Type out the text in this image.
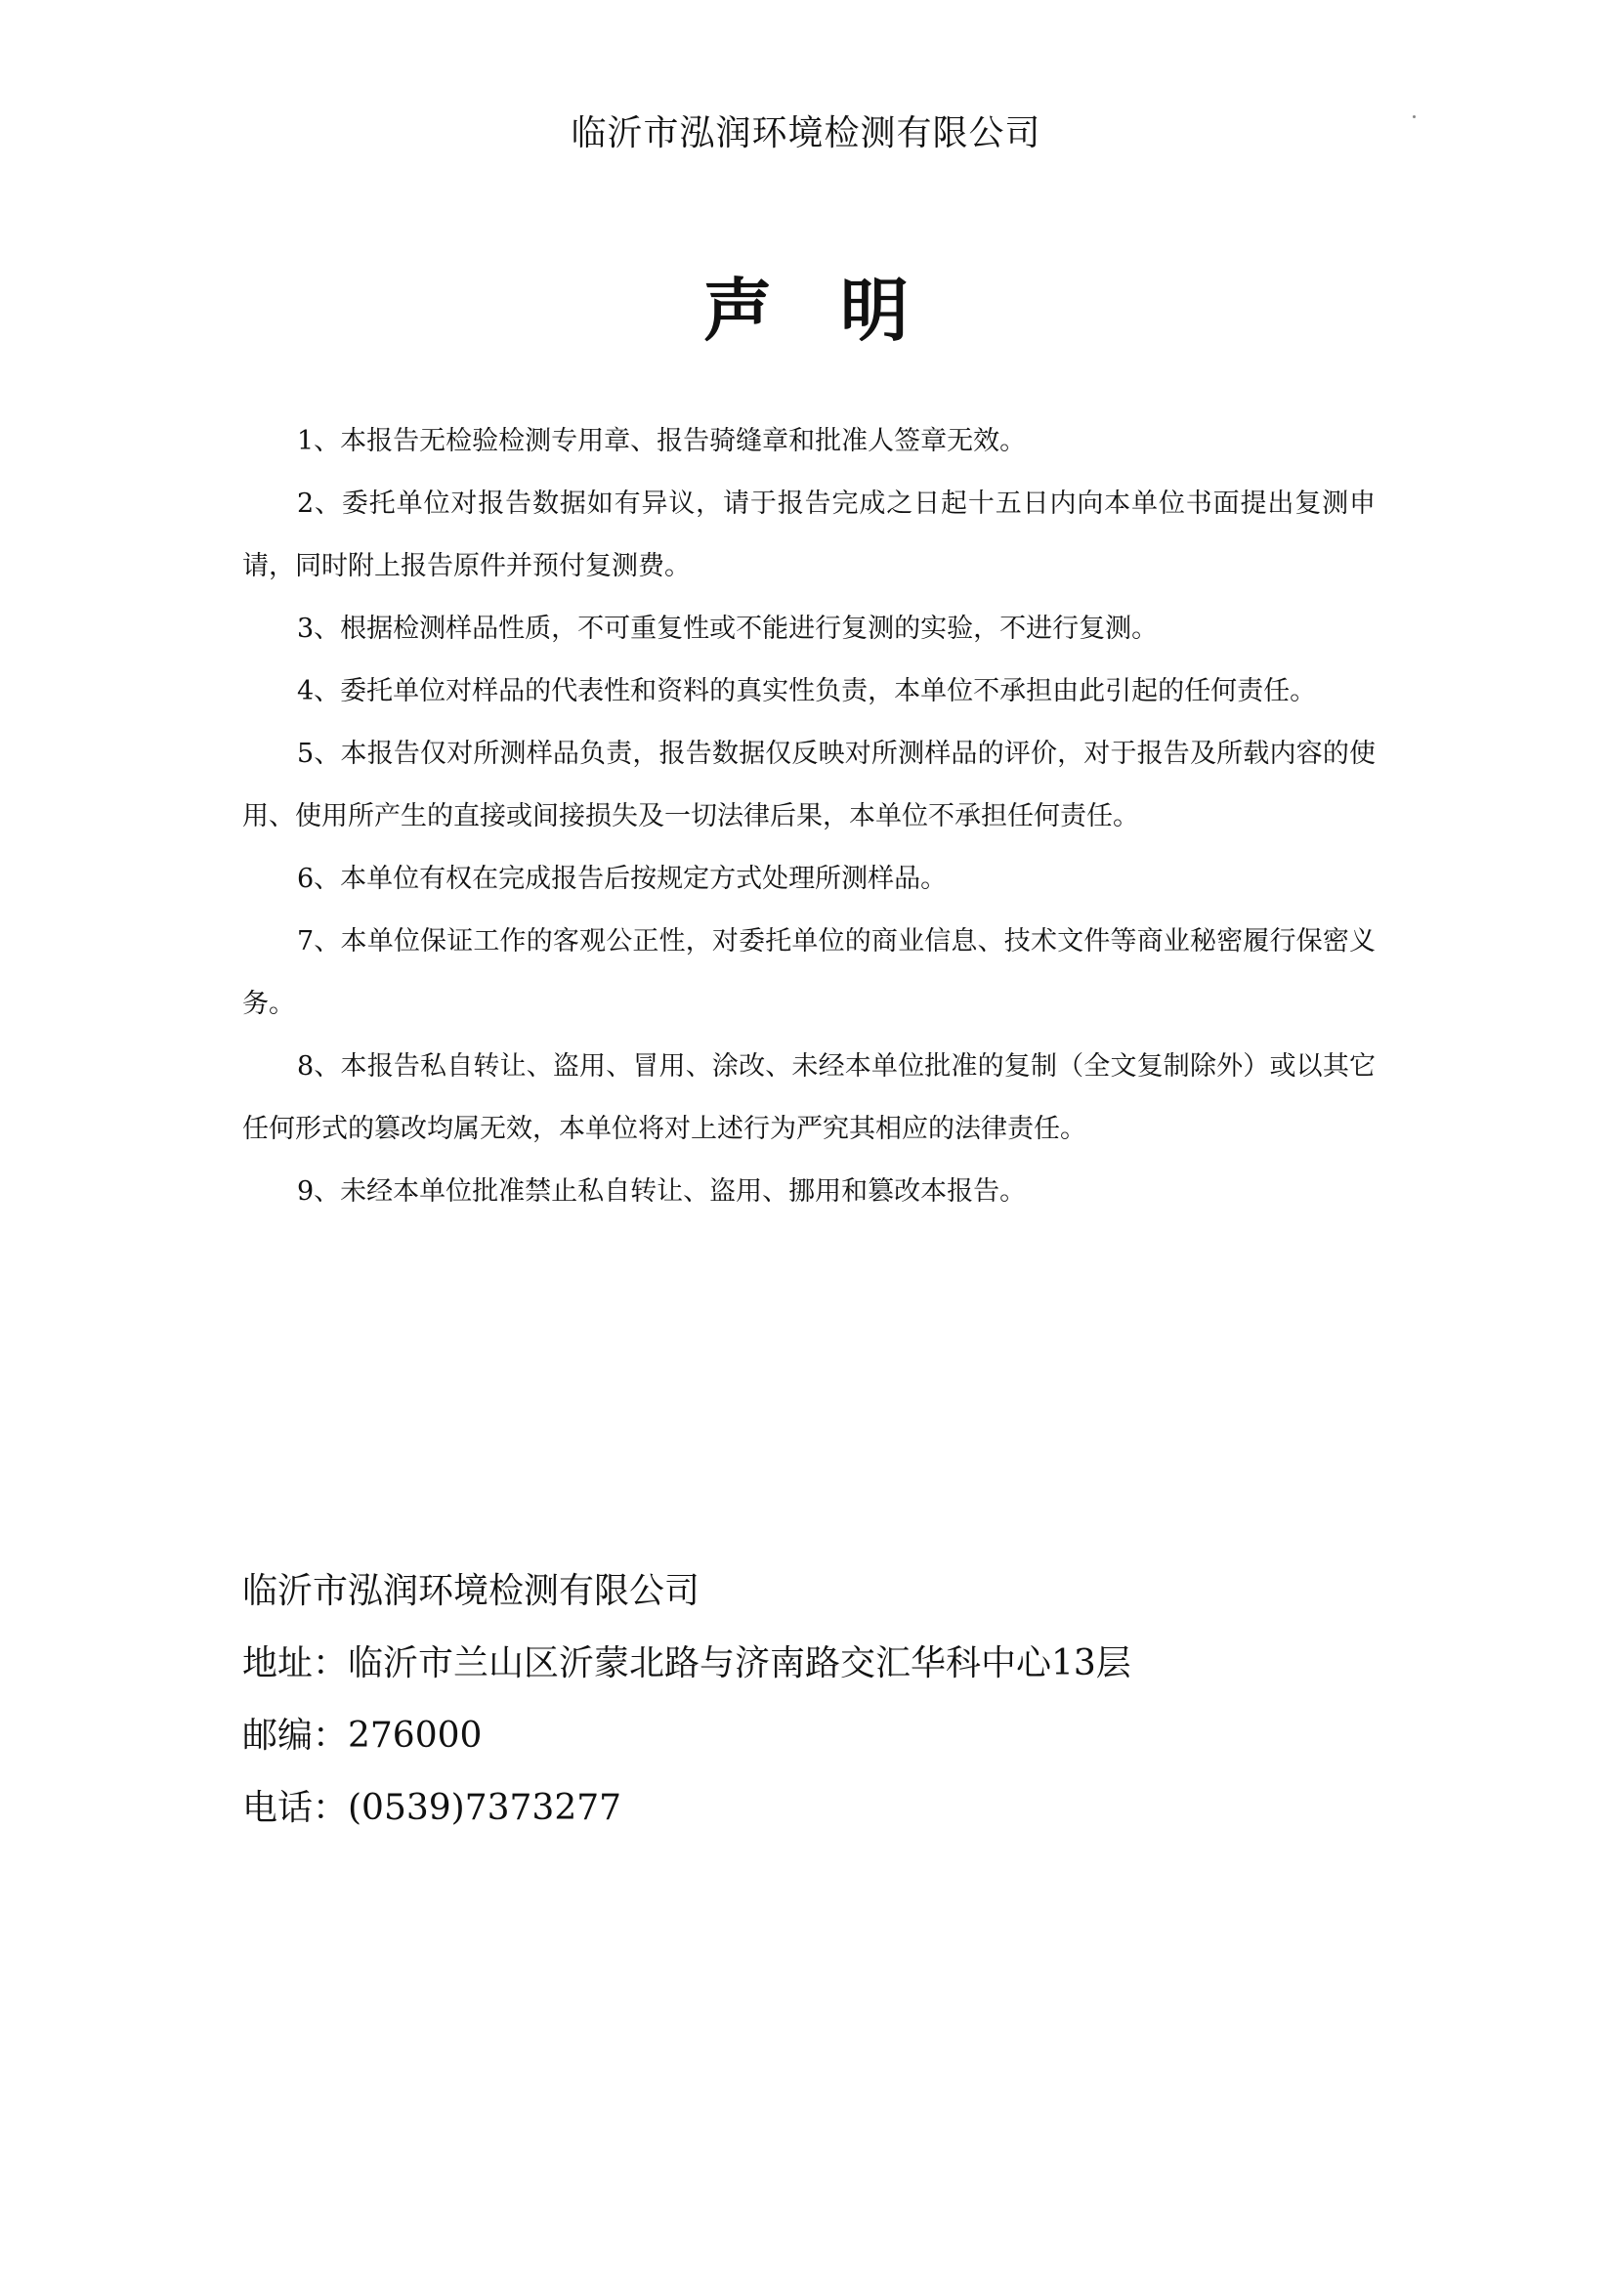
临沂市泓润环境检测有限公司
声明

1、本报告无检验检测专用章、报告骑缝章和批准人签章无效。

2、委托单位对报告数据如有异议，请于报告完成之日起十五日内向本单位书面提出复测申请，同时附上报告原件并预付复测费。

3、根据检测样品性质，不可重复性或不能进行复测的实验，不进行复测。

4、委托单位对样品的代表性和资料的真实性负责，本单位不承担由此引起的任何责任。

5、本报告仅对所测样品负责，报告数据仅反映对所测样品的评价，对于报告及所载内容的使用、使用所产生的直接或间接损失及一切法律后果，本单位不承担任何责任。

6、本单位有权在完成报告后按规定方式处理所测样品。

7、本单位保证工作的客观公正性，对委托单位的商业信息、技术文件等商业秘密履行保密义务。

8、本报告私自转让、盗用、冒用、涂改、未经本单位批准的复制（全文复制除外）或以其它任何形式的篡改均属无效，本单位将对上述行为严究其相应的法律责任。

9、未经本单位批准禁止私自转让、盗用、挪用和篡改本报告。

临沂市泓润环境检测有限公司
地址：临沂市兰山区沂蒙北路与济南路交汇华科中心13层
邮编：276000
电话：(0539)7373277
